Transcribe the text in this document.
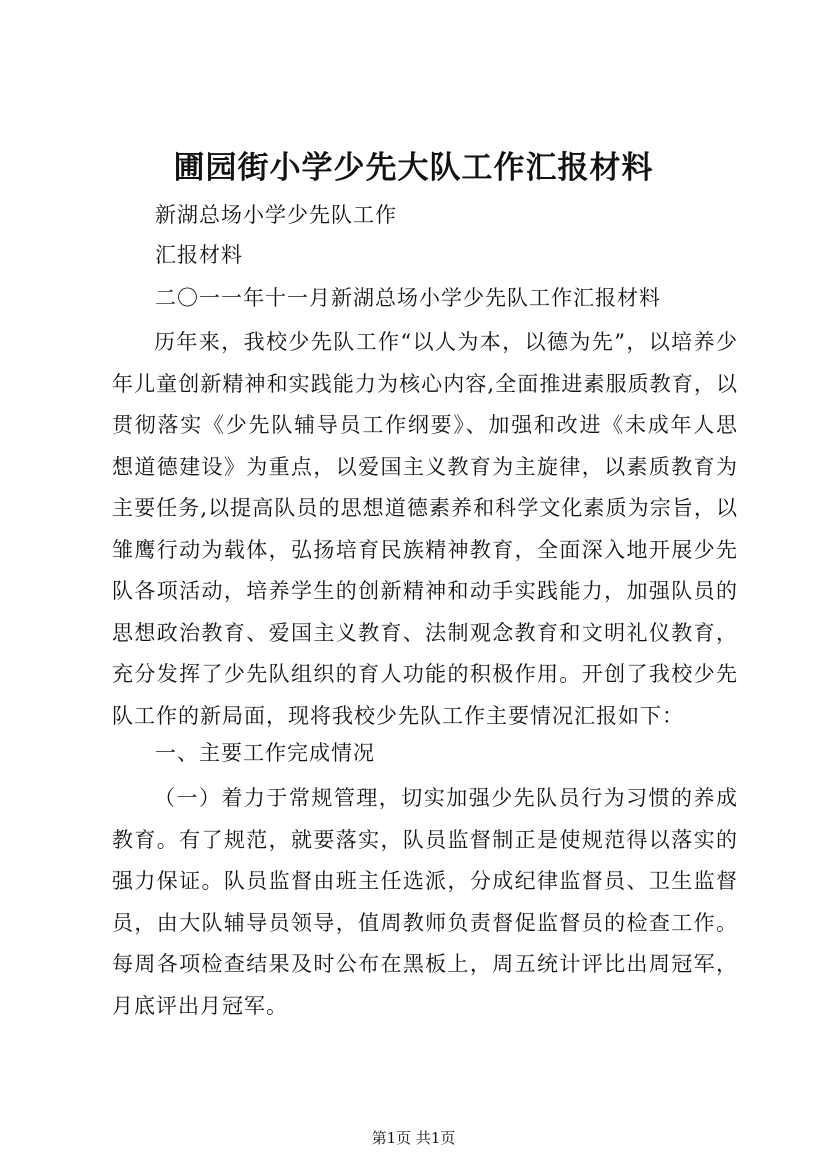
圃园街小学少先大队工作汇报材料
新湖总场小学少先队工作
汇报材料
二〇一一年十一月新湖总场小学少先队工作汇报材料

历年来，我校少先队工作“以人为本，以德为先”，以培养少年儿童创新精神和实践能力为核心内容,全面推进素服质教育，以贯彻落实《少先队辅导员工作纲要》、加强和改进《未成年人思想道德建设》为重点，以爱国主义教育为主旋律，以素质教育为主要任务,以提高队员的思想道德素养和科学文化素质为宗旨，以雏鹰行动为载体，弘扬培育民族精神教育，全面深入地开展少先队各项活动，培养学生的创新精神和动手实践能力，加强队员的思想政治教育、爱国主义教育、法制观念教育和文明礼仪教育，充分发挥了少先队组织的育人功能的积极作用。开创了我校少先队工作的新局面，现将我校少先队工作主要情况汇报如下：

一、主要工作完成情况

（一）着力于常规管理，切实加强少先队员行为习惯的养成教育。有了规范，就要落实，队员监督制正是使规范得以落实的强力保证。队员监督由班主任选派，分成纪律监督员、卫生监督员，由大队辅导员领导，值周教师负责督促监督员的检查工作。每周各项检查结果及时公布在黑板上，周五统计评比出周冠军，月底评出月冠军。

第1页 共1页
